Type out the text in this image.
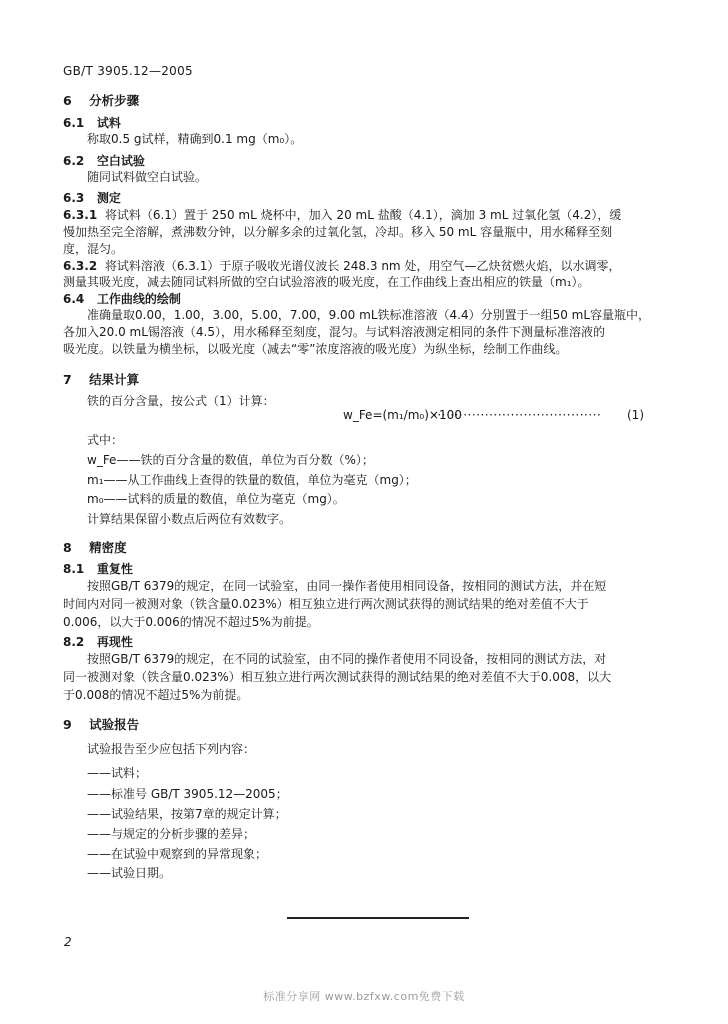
GB/T 3905.12—2005
6 分析步骤
6.1 试料
称取0.5 g试样，精确到0.1 mg（m₀）。
6.2 空白试验
随同试料做空白试验。
6.3 测定
6.3.1 将试料（6.1）置于 250 mL 烧杯中，加入 20 mL 盐酸（4.1），滴加 3 mL 过氧化氢（4.2），缓
慢加热至完全溶解，煮沸数分钟，以分解多余的过氧化氢，冷却。移入 50 mL 容量瓶中，用水稀释至刻
度，混匀。
6.3.2 将试料溶液（6.3.1）于原子吸收光谱仪波长 248.3 nm 处，用空气—乙炔贫燃火焰，以水调零，
测量其吸光度，减去随同试料所做的空白试验溶液的吸光度，在工作曲线上查出相应的铁量（m₁）。
6.4 工作曲线的绘制
准确量取0.00，1.00，3.00，5.00，7.00，9.00 mL铁标准溶液（4.4）分别置于一组50 mL容量瓶中，
各加入20.0 mL锡溶液（4.5），用水稀释至刻度，混匀。与试料溶液测定相同的条件下测量标准溶液的
吸光度。以铁量为横坐标，以吸光度（减去“零”浓度溶液的吸光度）为纵坐标，绘制工作曲线。
7 结果计算
铁的百分含量，按公式（1）计算：
w_Fe=(m₁/m₀)×100
······································· (1)
式中：
w_Fe——铁的百分含量的数值，单位为百分数（%）；
m₁——从工作曲线上查得的铁量的数值，单位为毫克（mg）；
m₀——试料的质量的数值，单位为毫克（mg）。
计算结果保留小数点后两位有效数字。
8 精密度
8.1 重复性
按照GB/T 6379的规定，在同一试验室，由同一操作者使用相同设备，按相同的测试方法，并在短
时间内对同一被测对象（铁含量0.023%）相互独立进行两次测试获得的测试结果的绝对差值不大于
0.006，以大于0.006的情况不超过5%为前提。
8.2 再现性
按照GB/T 6379的规定，在不同的试验室，由不同的操作者使用不同设备，按相同的测试方法，对
同一被测对象（铁含量0.023%）相互独立进行两次测试获得的测试结果的绝对差值不大于0.008，以大
于0.008的情况不超过5%为前提。
9 试验报告
试验报告至少应包括下列内容：
——试料；
——标准号 GB/T 3905.12—2005；
——试验结果，按第7章的规定计算；
——与规定的分析步骤的差异；
——在试验中观察到的异常现象；
——试验日期。
2
标准分享网 www.bzfxw.com免费下载
